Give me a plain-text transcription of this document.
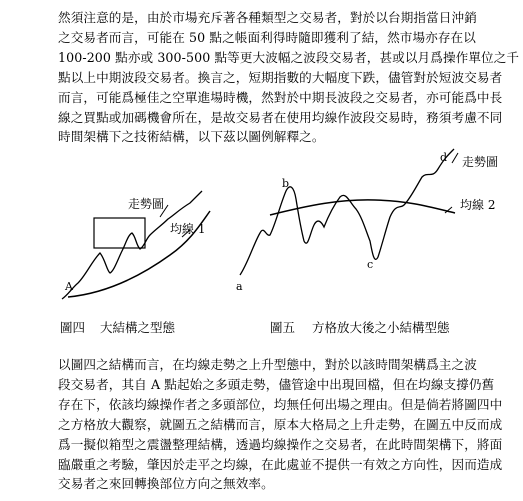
然須注意的是，由於市場充斥著各種類型之交易者，對於以台期指當日沖銷
之交易者而言，可能在 50 點之帳面利得時隨即獲利了結，然市場亦存在以
100-200 點亦或 300-500 點等更大波幅之波段交易者，甚或以月爲操作單位之千
點以上中期波段交易者。換言之，短期指數的大幅度下跌，儘管對於短波交易者
而言，可能爲極佳之空單進場時機，然對於中期長波段之交易者，亦可能爲中長
線之買點或加碼機會所在，是故交易者在使用均線作波段交易時，務須考慮不同
時間架構下之技術結構，以下茲以圖例解釋之。
走勢圖
均線 1
A
圖四 大結構之型態
走勢圖
均線 2
a
b
c
d
圖五 方格放大後之小結構型態
以圖四之結構而言，在均線走勢之上升型態中，對於以該時間架構爲主之波
段交易者，其自 A 點起始之多頭走勢，儘管途中出現回檔，但在均線支撐仍舊
存在下，依該均線操作者之多頭部位，均無任何出場之理由。但是倘若將圖四中
之方格放大觀察，就圖五之結構而言，原本大格局之上升走勢，在圖五中反而成
爲一擬似箱型之震盪整理結構，透過均線操作之交易者，在此時間架構下，將面
臨嚴重之考驗，肇因於走平之均線，在此處並不提供一有效之方向性，因而造成
交易者之來回轉換部位方向之無效率。
